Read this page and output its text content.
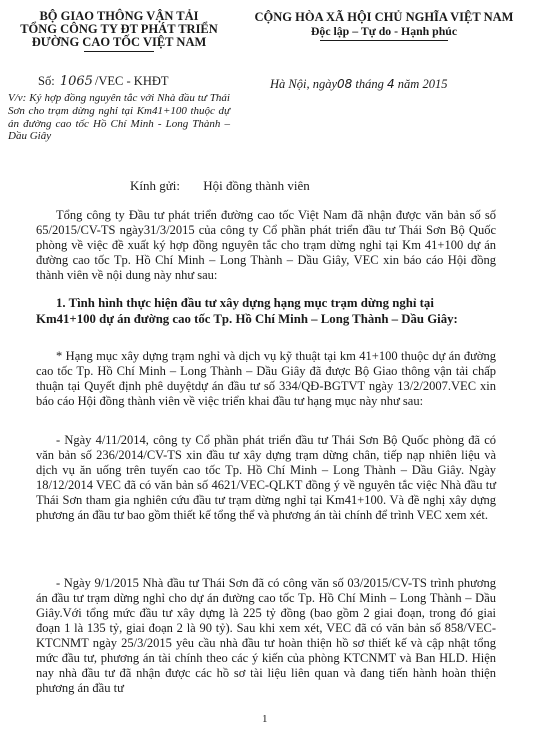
BỘ GIAO THÔNG VẬN TẢI
TỔNG CÔNG TY ĐT PHÁT TRIỂN
ĐƯỜNG CAO TỐC VIỆT NAM
CỘNG HÒA XÃ HỘI CHỦ NGHĨA VIỆT NAM
Độc lập – Tự do - Hạnh phúc
Số: 1065 /VEC - KHĐT	Hà Nội, ngày08 tháng 4 năm 2015
V/v: Ký hợp đồng nguyên tắc với Nhà đầu tư Thái Sơn cho trạm dừng nghỉ tại Km41+100 thuộc dự án đường cao tốc Hồ Chí Minh - Long Thành – Dầu Giây
Kính gửi: Hội đồng thành viên

Tổng công ty Đầu tư phát triển đường cao tốc Việt Nam đã nhận được văn bản số số 65/2015/CV-TS ngày31/3/2015 của công ty Cổ phần phát triển đầu tư Thái Sơn Bộ Quốc phòng về việc đề xuất ký hợp đồng nguyên tắc cho trạm dừng nghỉ tại Km 41+100 dự án đường cao tốc Tp. Hồ Chí Minh – Long Thành – Dầu Giây, VEC xin báo cáo Hội đồng thành viên về nội dung này như sau:

1. Tình hình thực hiện đầu tư xây dựng hạng mục trạm dừng nghỉ tại
Km41+100 dự án đường cao tốc Tp. Hồ Chí Minh – Long Thành – Dầu Giây:

* Hạng mục xây dựng trạm nghỉ và dịch vụ kỹ thuật tại km 41+100 thuộc dự án đường cao tốc Tp. Hồ Chí Minh – Long Thành – Dầu Giây đã được Bộ Giao thông vận tải chấp thuận tại Quyết định phê duyệtdự án đầu tư số 334/QĐ-BGTVT ngày 13/2/2007.VEC xin báo cáo Hội đồng thành viên về việc triển khai đầu tư hạng mục này như sau:

- Ngày 4/11/2014, công ty Cổ phần phát triển đầu tư Thái Sơn Bộ Quốc phòng đã có văn bản số 236/2014/CV-TS xin đầu tư xây dựng trạm dừng chân, tiếp nạp nhiên liệu và dịch vụ ăn uống trên tuyến cao tốc Tp. Hồ Chí Minh – Long Thành – Dầu Giây. Ngày 18/12/2014 VEC đã có văn bản số 4621/VEC-QLKT đồng ý về nguyên tắc việc Nhà đầu tư Thái Sơn tham gia nghiên cứu đầu tư trạm dừng nghỉ tại Km41+100. Và đề nghị xây dựng phương án đầu tư bao gồm thiết kế tổng thể và phương án tài chính để trình VEC xem xét.

- Ngày 9/1/2015 Nhà đầu tư Thái Sơn đã có công văn số 03/2015/CV-TS trình phương án đầu tư trạm dừng nghỉ cho dự án đường cao tốc Tp. Hồ Chí Minh – Long Thành – Dầu Giây.Với tổng mức đầu tư xây dựng là 225 tỷ đồng (bao gồm 2 giai đoạn, trong đó giai đoạn 1 là 135 tỷ, giai đoạn 2 là 90 tỷ). Sau khi xem xét, VEC đã có văn bản số 858/VEC-KTCNMT ngày 25/3/2015 yêu cầu nhà đầu tư hoàn thiện hồ sơ thiết kế và cập nhật tổng mức đầu tư, phương án tài chính theo các ý kiến của phòng KTCNMT và Ban HLD. Hiện nay nhà đầu tư đã nhận được các hồ sơ tài liệu liên quan và đang tiến hành hoàn thiện phương án đầu tư

1
